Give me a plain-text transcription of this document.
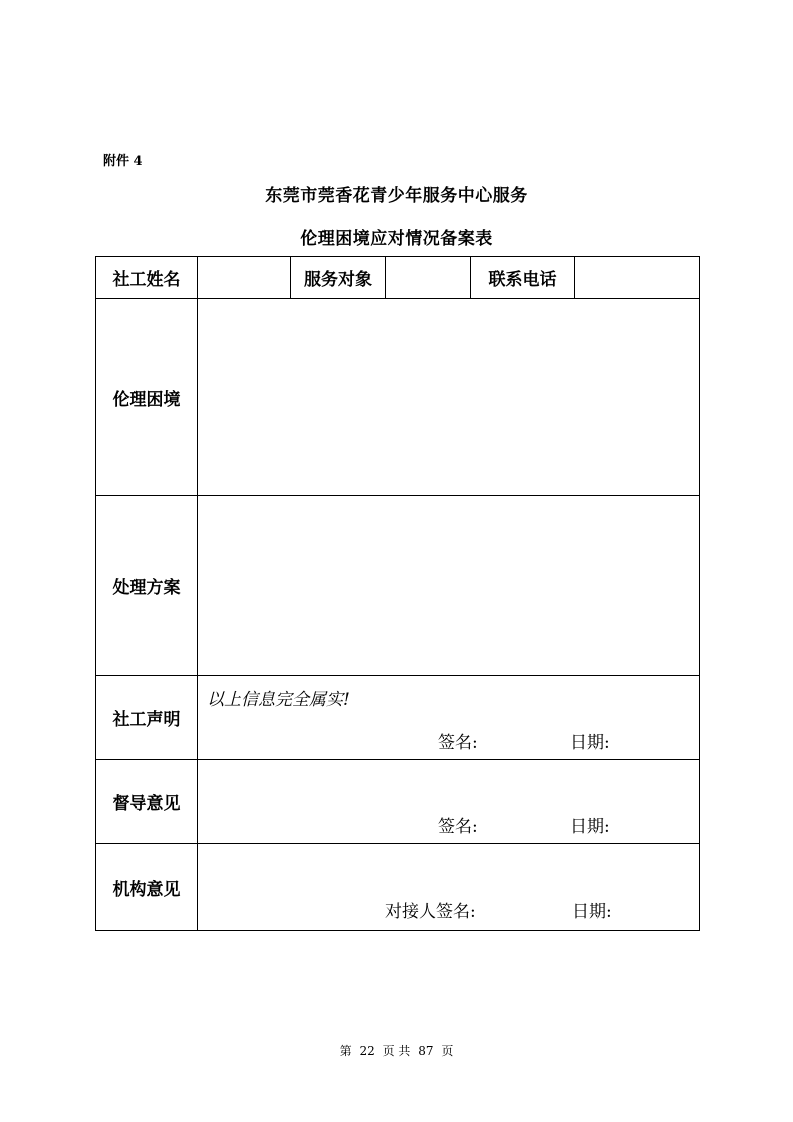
附件 4
东莞市莞香花青少年服务中心服务
伦理困境应对情况备案表
社工姓名		服务对象		联系电话	
伦理困境					
处理方案					
社工声明	以上信息完全属实!
签名: 日期:				

督导意见	签名: 日期:				

机构意见	对接人签名: 日期:				
第 22 页 共 87 页
